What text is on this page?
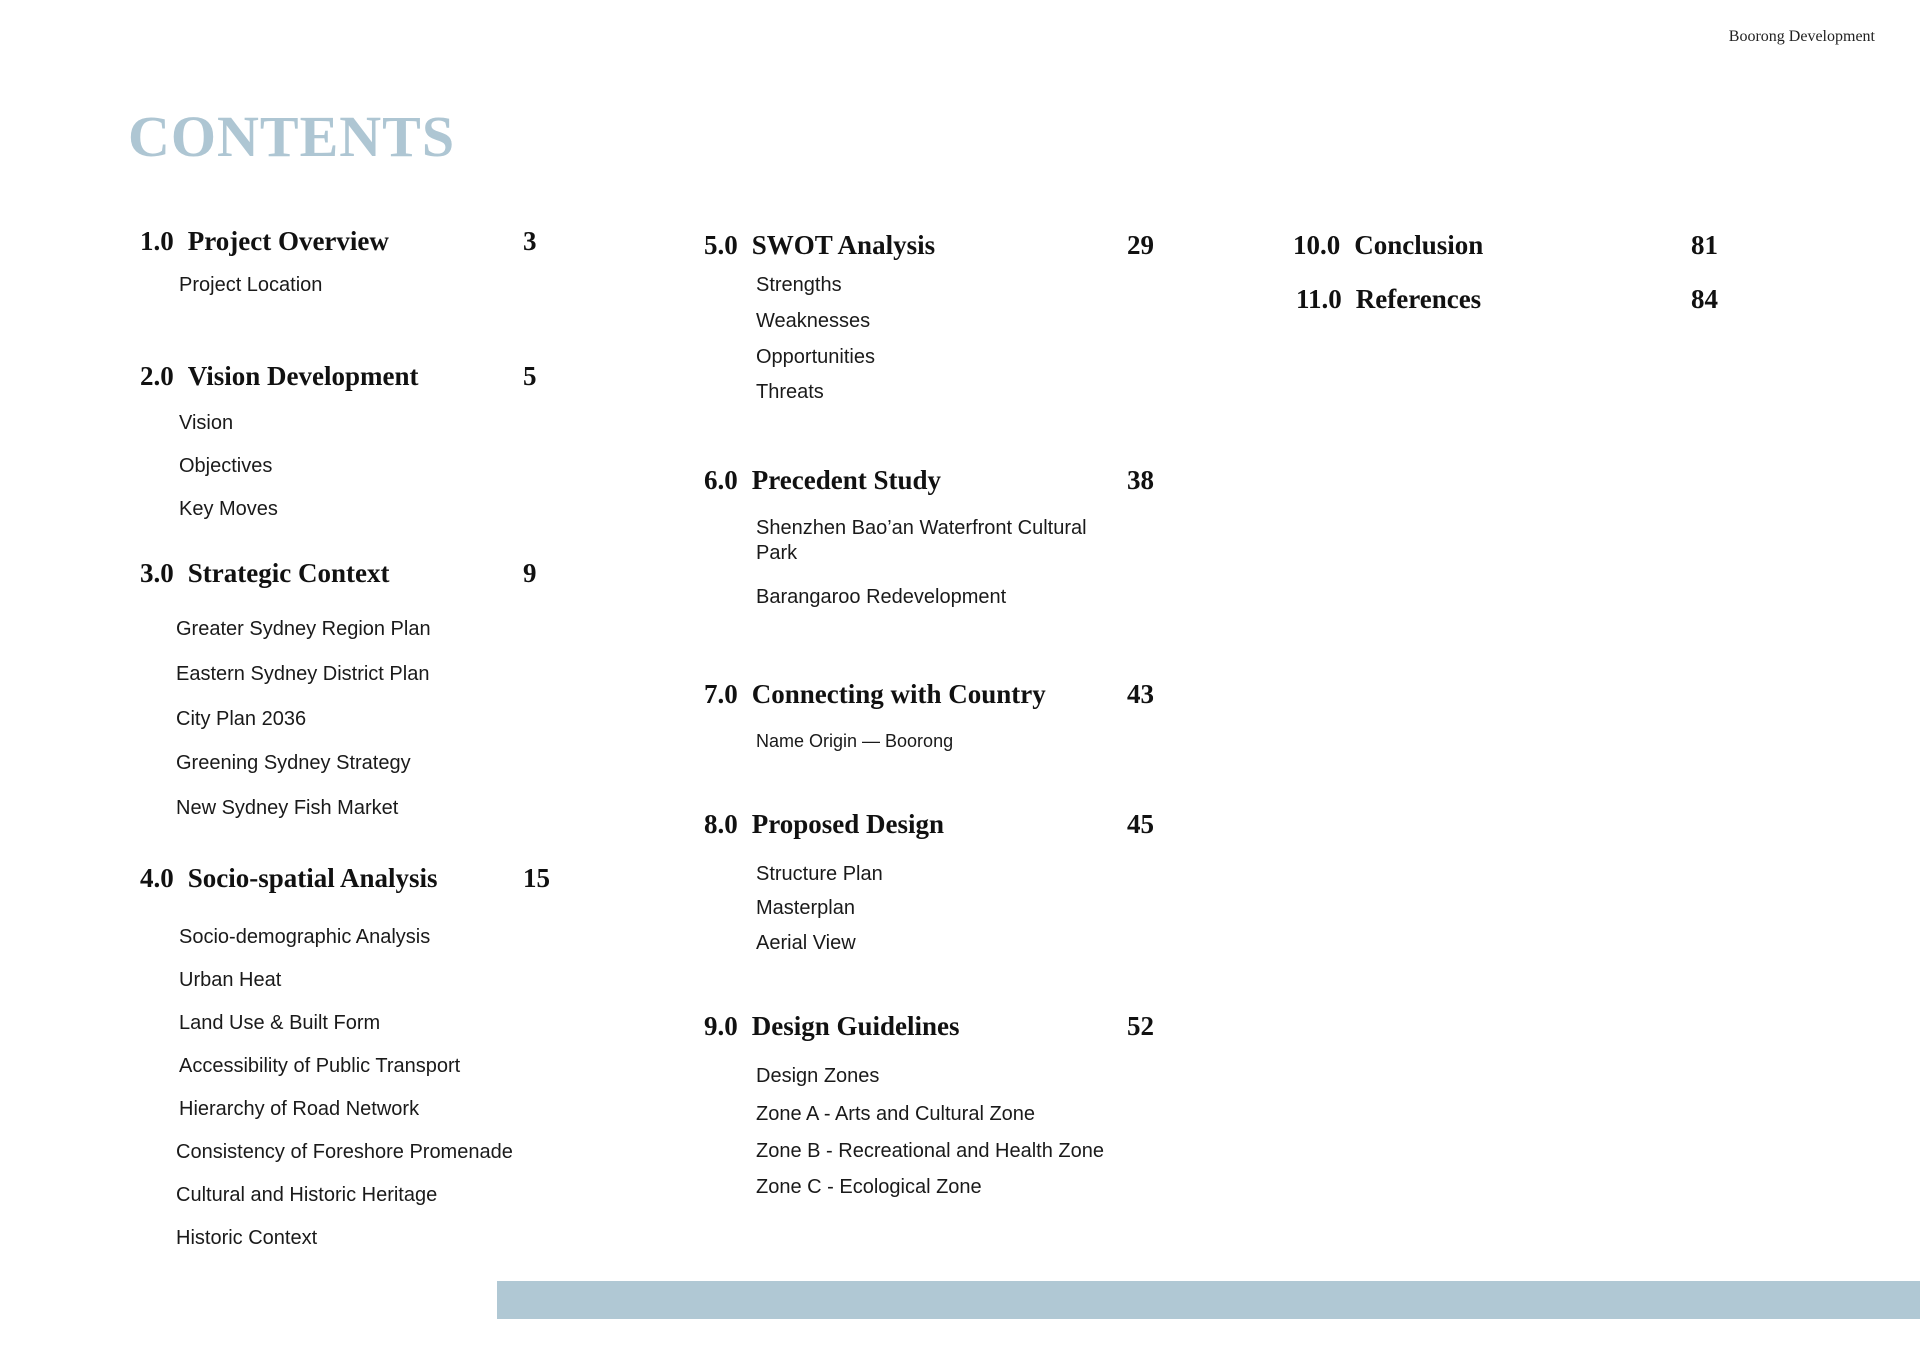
Boorong Development
CONTENTS
1.0 Project Overview	3
Project Location
2.0 Vision Development	5
Vision
Objectives
Key Moves
3.0 Strategic Context	9
Greater Sydney Region Plan
Eastern Sydney District Plan
City Plan 2036
Greening Sydney Strategy
New Sydney Fish Market
4.0 Socio-spatial Analysis	15
Socio-demographic Analysis
Urban Heat
Land Use & Built Form
Accessibility of Public Transport
Hierarchy of Road Network
Consistency of Foreshore Promenade
Cultural and Historic Heritage
Historic Context
5.0 SWOT Analysis	29
Strengths
Weaknesses
Opportunities
Threats
6.0 Precedent Study	38
Shenzhen Bao’an Waterfront Cultural Park
Barangaroo Redevelopment
7.0 Connecting with Country	43
Name Origin — Boorong
8.0 Proposed Design	45
Structure Plan
Masterplan
Aerial View
9.0 Design Guidelines	52
Design Zones
Zone A - Arts and Cultural Zone
Zone B - Recreational and Health Zone
Zone C - Ecological Zone
10.0 Conclusion	81
11.0 References	84
